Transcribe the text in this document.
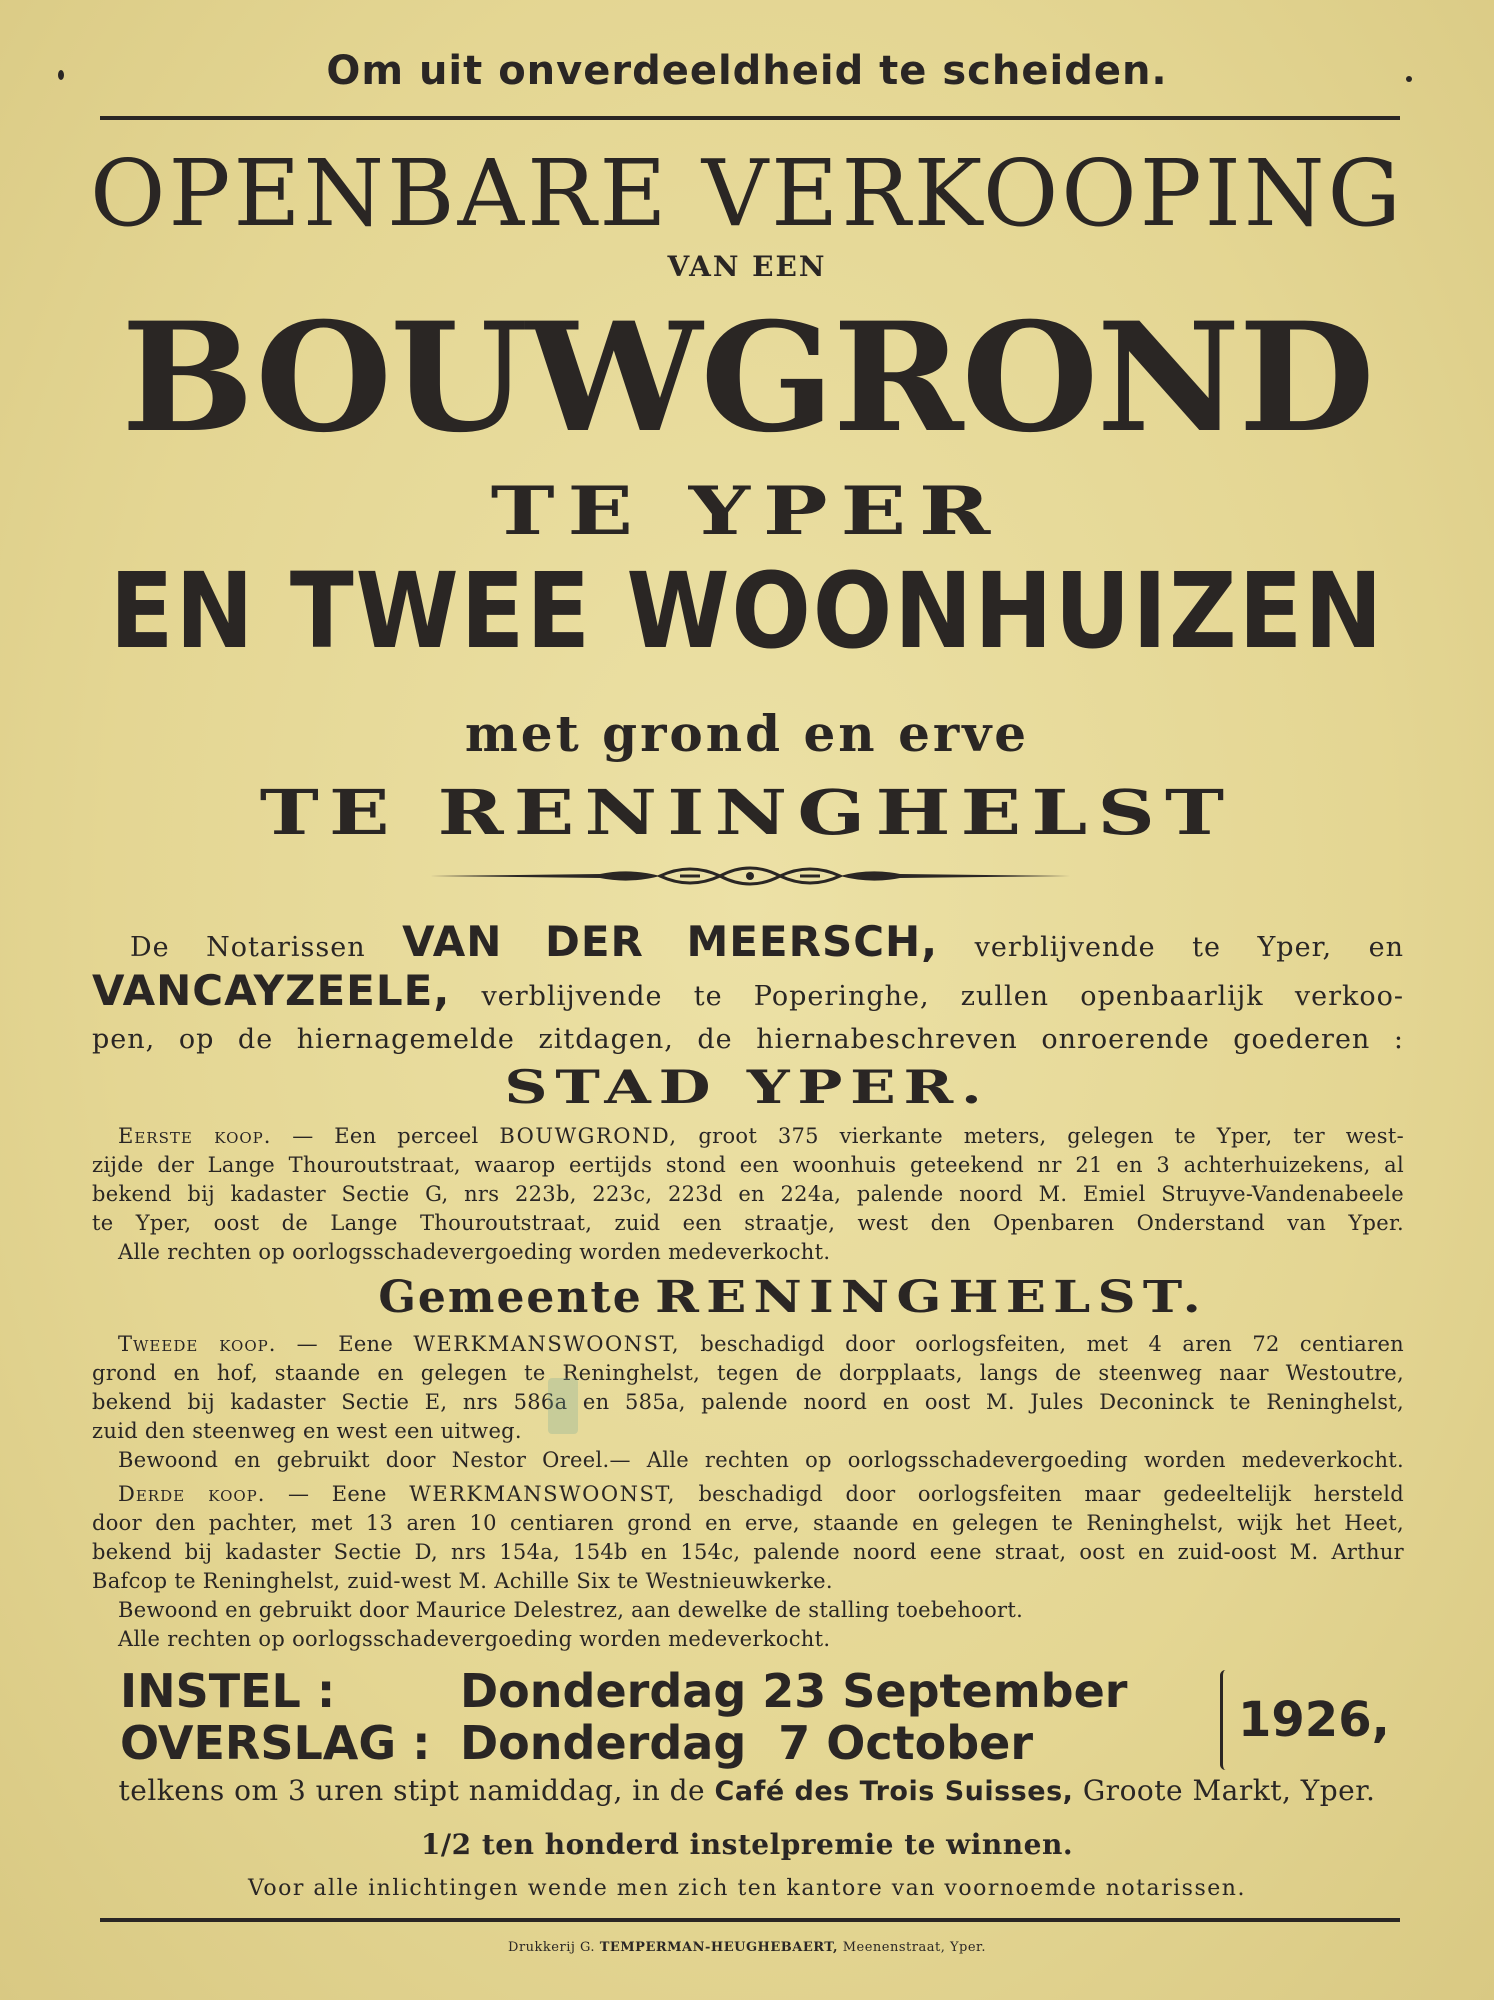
Om uit onverdeeldheid te scheiden.
OPENBARE VERKOOPING
VAN EEN
BOUWGROND
TE YPER
EN TWEE WOONHUIZEN
met grond en erve
TE RENINGHELST
De Notarissen VAN DER MEERSCH, verblijvende te Yper, en
VANCAYZEELE, verblijvende te Poperinghe, zullen openbaarlijk verkoo-
pen, op de hiernagemelde zitdagen, de hiernabeschreven onroerende goederen :
STAD YPER.
Eerste koop. — Een perceel BOUWGROND, groot 375 vierkante meters, gelegen te Yper, ter west-
zijde der Lange Thouroutstraat, waarop eertijds stond een woonhuis geteekend nr 21 en 3 achterhuizekens, al
bekend bij kadaster Sectie G, nrs 223b, 223c, 223d en 224a, palende noord M. Emiel Struyve-Vandenabeele
te Yper, oost de Lange Thouroutstraat, zuid een straatje, west den Openbaren Onderstand van Yper.
Alle rechten op oorlogsschadevergoeding worden medeverkocht.
Gemeente RENINGHELST.
Tweede koop. — Eene WERKMANSWOONST, beschadigd door oorlogsfeiten, met 4 aren 72 centiaren
grond en hof, staande en gelegen te Reninghelst, tegen de dorpplaats, langs de steenweg naar Westoutre,
bekend bij kadaster Sectie E, nrs 586a en 585a, palende noord en oost M. Jules Deconinck te Reninghelst,
zuid den steenweg en west een uitweg.
Bewoond en gebruikt door Nestor Oreel.— Alle rechten op oorlogsschadevergoeding worden medeverkocht.
Derde koop. — Eene WERKMANSWOONST, beschadigd door oorlogsfeiten maar gedeeltelijk hersteld
door den pachter, met 13 aren 10 centiaren grond en erve, staande en gelegen te Reninghelst, wijk het Heet,
bekend bij kadaster Sectie D, nrs 154a, 154b en 154c, palende noord eene straat, oost en zuid-oost M. Arthur
Bafcop te Reninghelst, zuid-west M. Achille Six te Westnieuwkerke.
Bewoond en gebruikt door Maurice Delestrez, aan dewelke de stalling toebehoort.
Alle rechten op oorlogsschadevergoeding worden medeverkocht.
INSTEL :	Donderdag 23 September
OVERSLAG : Donderdag  7 October	1926,
telkens om 3 uren stipt namiddag, in de Café des Trois Suisses, Groote Markt, Yper.
1/2 ten honderd instelpremie te winnen.
Voor alle inlichtingen wende men zich ten kantore van voornoemde notarissen.
Drukkerij G. TEMPERMAN-HEUGHEBAERT, Meenenstraat, Yper.
